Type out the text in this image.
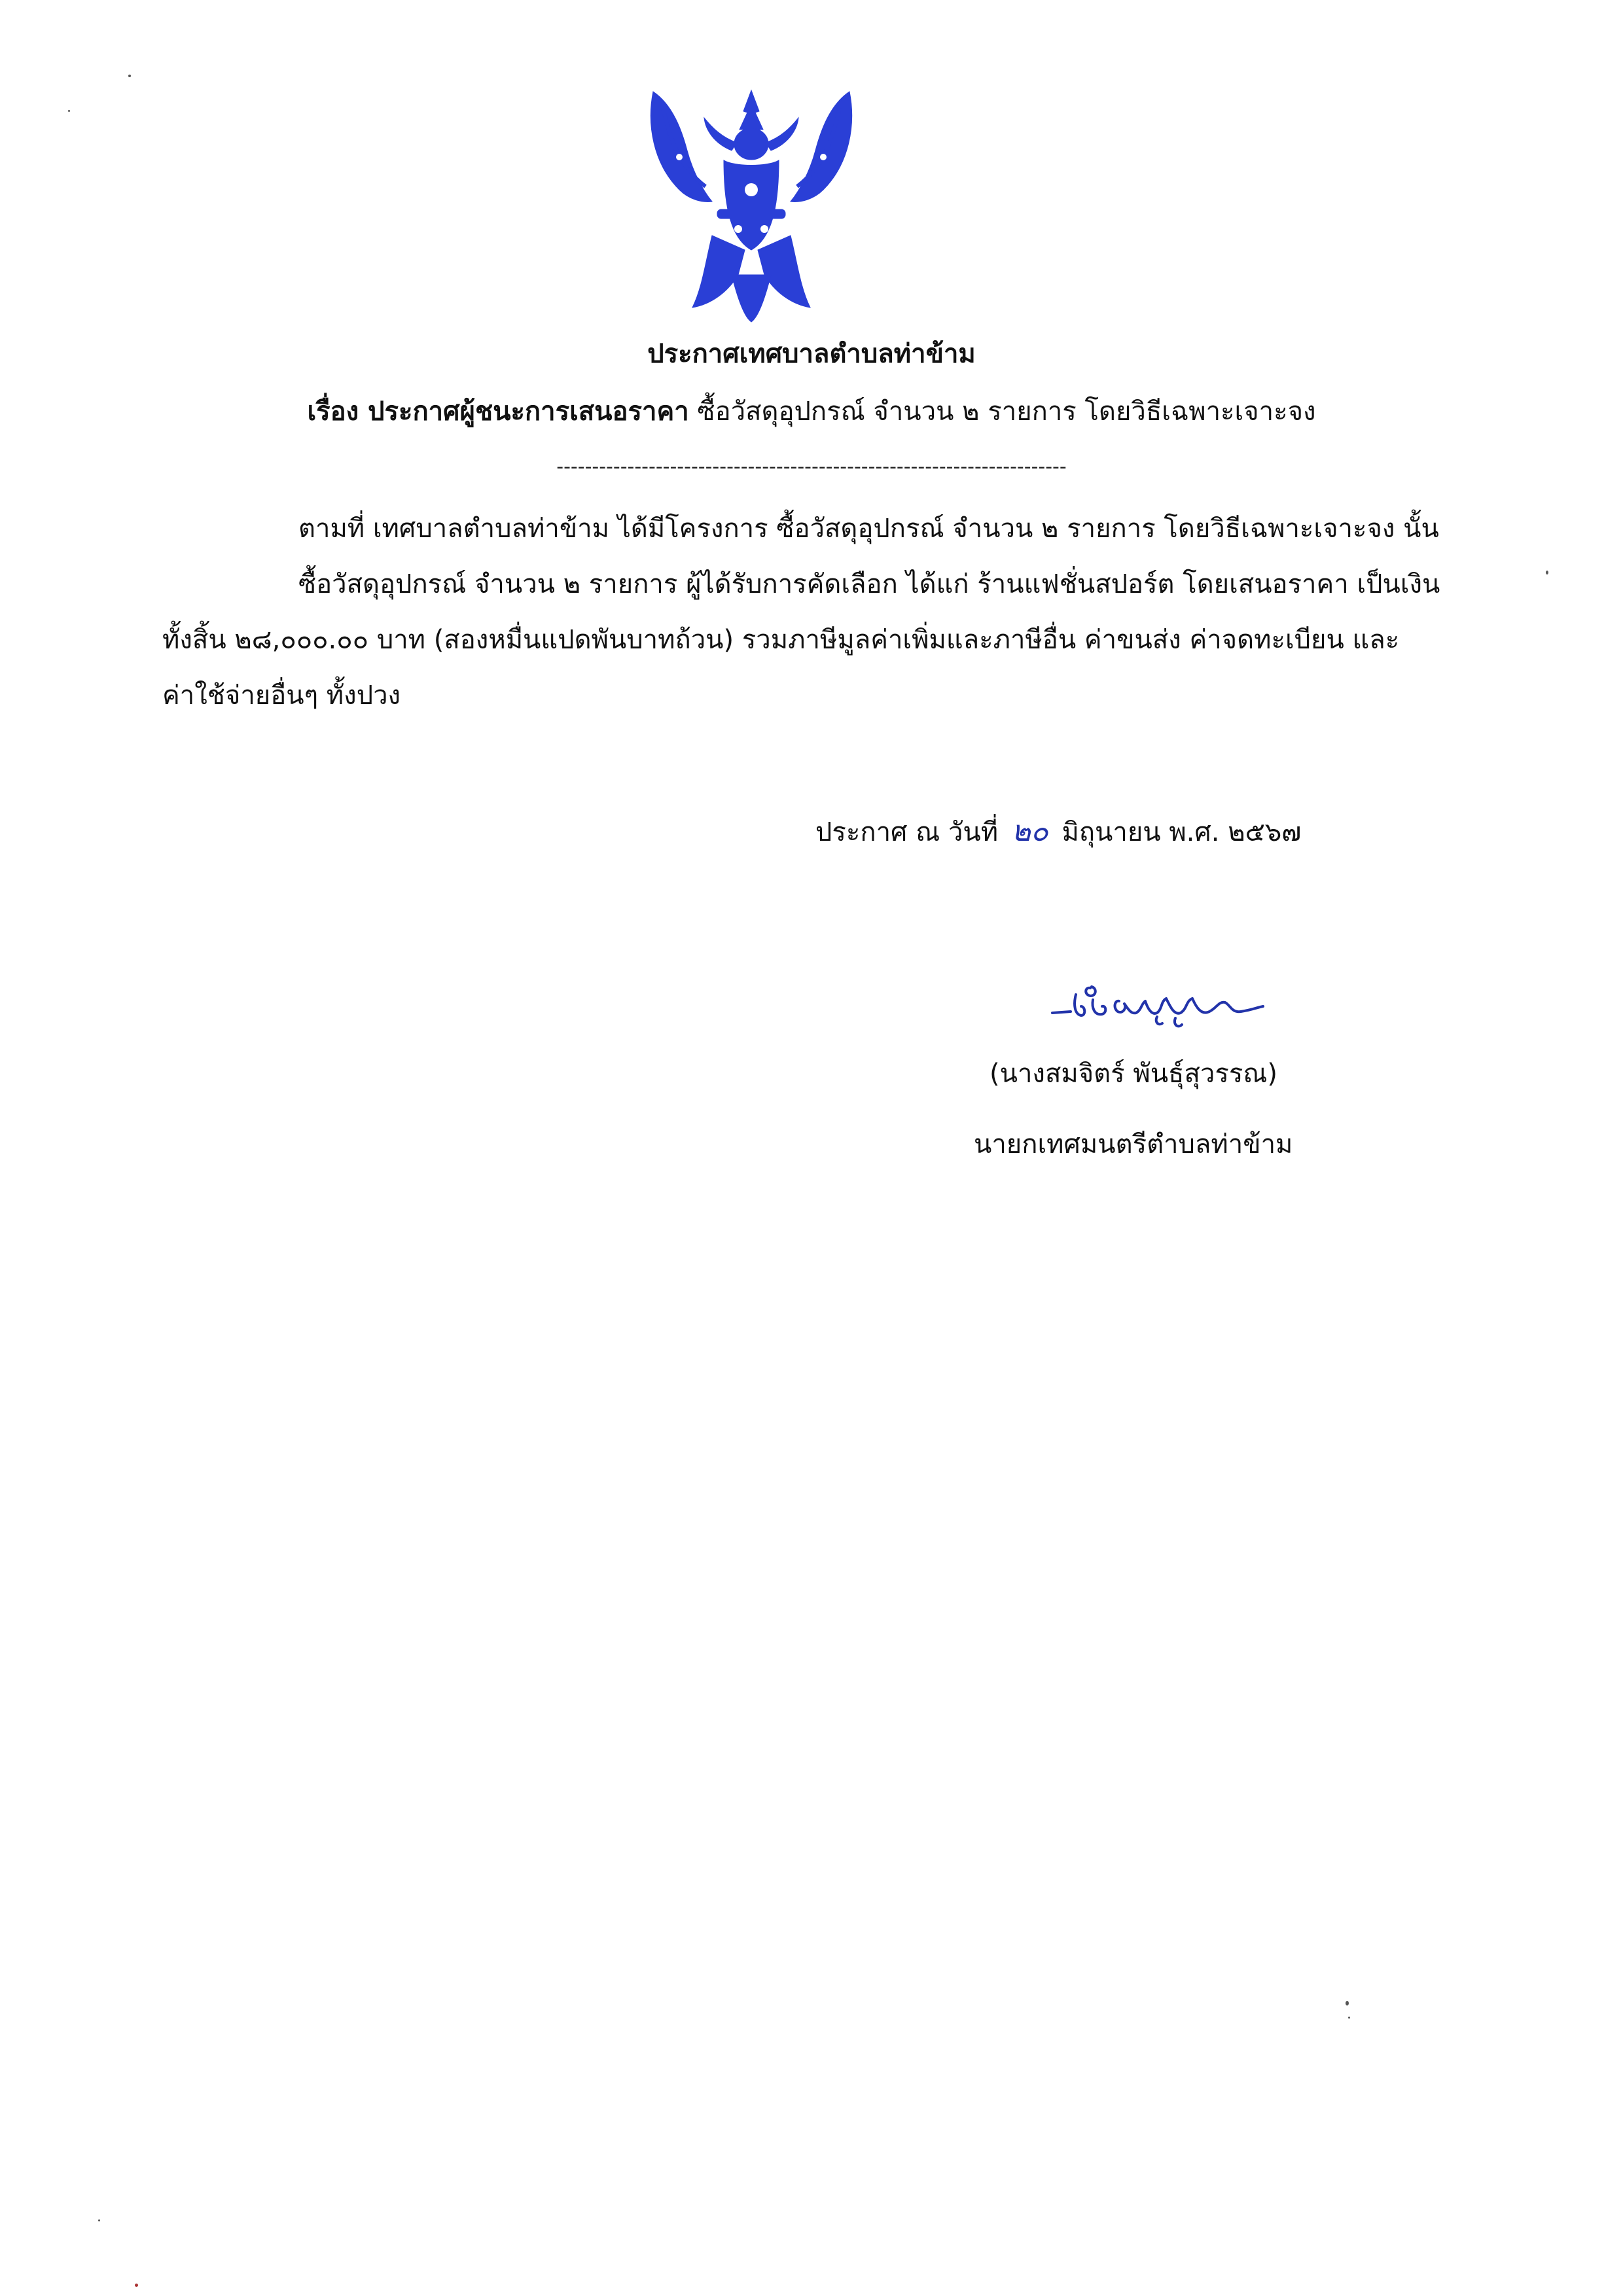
ประกาศเทศบาลตำบลท่าข้าม
เรื่อง ประกาศผู้ชนะการเสนอราคา ซื้อวัสดุอุปกรณ์ จำนวน ๒ รายการ โดยวิธีเฉพาะเจาะจง
------------------------------------------------------------------------
ตามที่ เทศบาลตำบลท่าข้าม ได้มีโครงการ ซื้อวัสดุอุปกรณ์ จำนวน ๒ รายการ โดยวิธีเฉพาะเจาะจง นั้น
ซื้อวัสดุอุปกรณ์ จำนวน ๒ รายการ ผู้ได้รับการคัดเลือก ได้แก่ ร้านแฟชั่นสปอร์ต โดยเสนอราคา เป็นเงิน
ทั้งสิ้น ๒๘,๐๐๐.๐๐ บาท (สองหมื่นแปดพันบาทถ้วน) รวมภาษีมูลค่าเพิ่มและภาษีอื่น ค่าขนส่ง ค่าจดทะเบียน และ
ค่าใช้จ่ายอื่นๆ ทั้งปวง
ประกาศ ณ วันที่ ๒๐ มิถุนายน พ.ศ. ๒๕๖๗
(นางสมจิตร์ พันธุ์สุวรรณ)
นายกเทศมนตรีตำบลท่าข้าม
